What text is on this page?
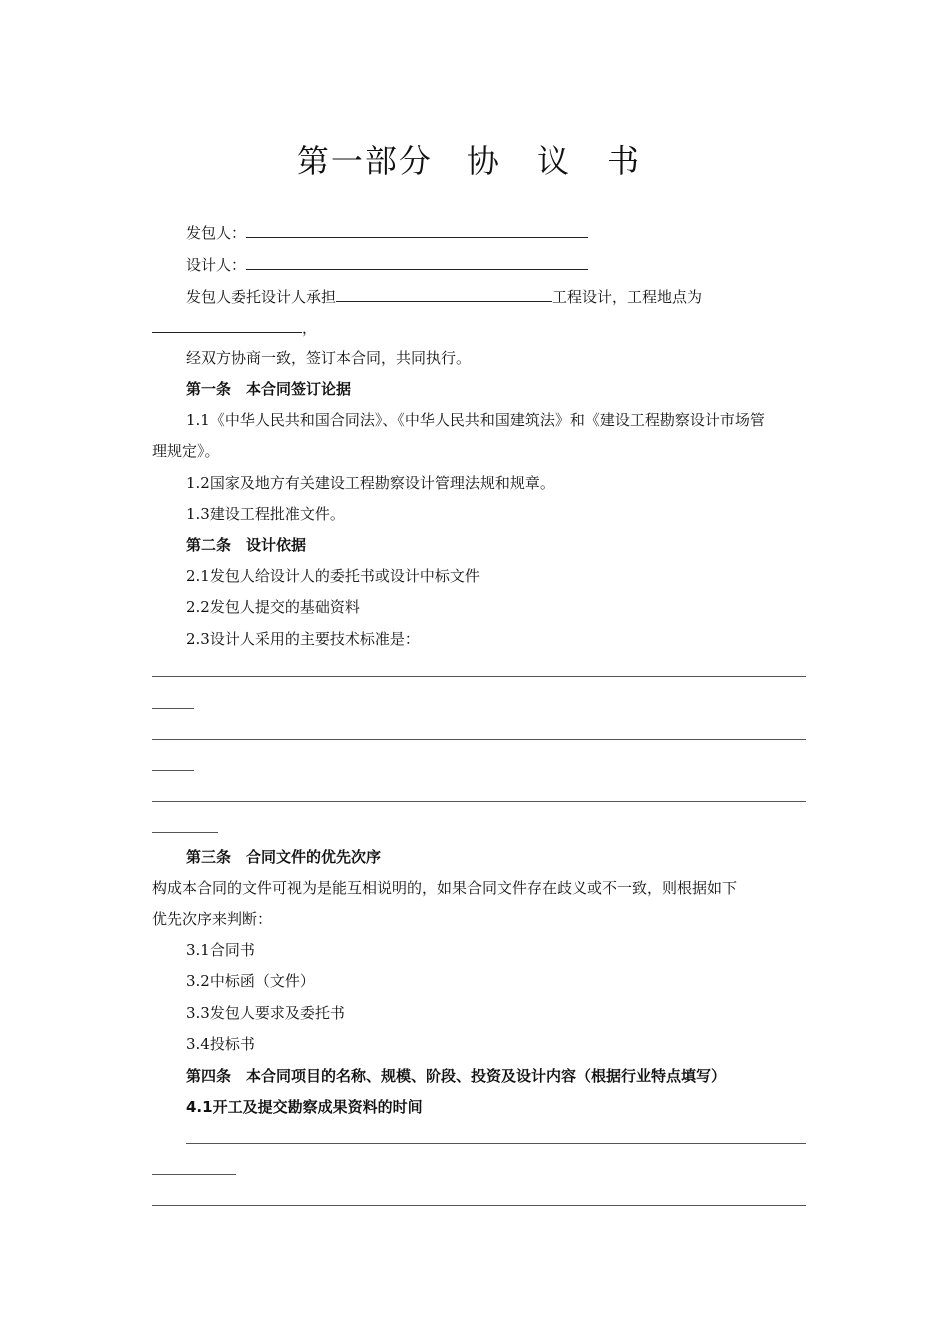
第一部分 协 议 书
发包人：
设计人：
发包人委托设计人承担	工程设计，工程地点为
，
经双方协商一致，签订本合同，共同执行。
第一条　本合同签订论据
1.1《中华人民共和国合同法》、《中华人民共和国建筑法》和《建设工程勘察设计市场管
理规定》。
1.2国家及地方有关建设工程勘察设计管理法规和规章。
1.3建设工程批准文件。
第二条　设计依据
2.1发包人给设计人的委托书或设计中标文件
2.2发包人提交的基础资料
2.3设计人采用的主要技术标准是：
第三条　合同文件的优先次序
构成本合同的文件可视为是能互相说明的，如果合同文件存在歧义或不一致，则根据如下
优先次序来判断：
3.1合同书
3.2中标函（文件）
3.3发包人要求及委托书
3.4投标书
第四条　本合同项目的名称、规模、阶段、投资及设计内容（根据行业特点填写）
4.1开工及提交勘察成果资料的时间
